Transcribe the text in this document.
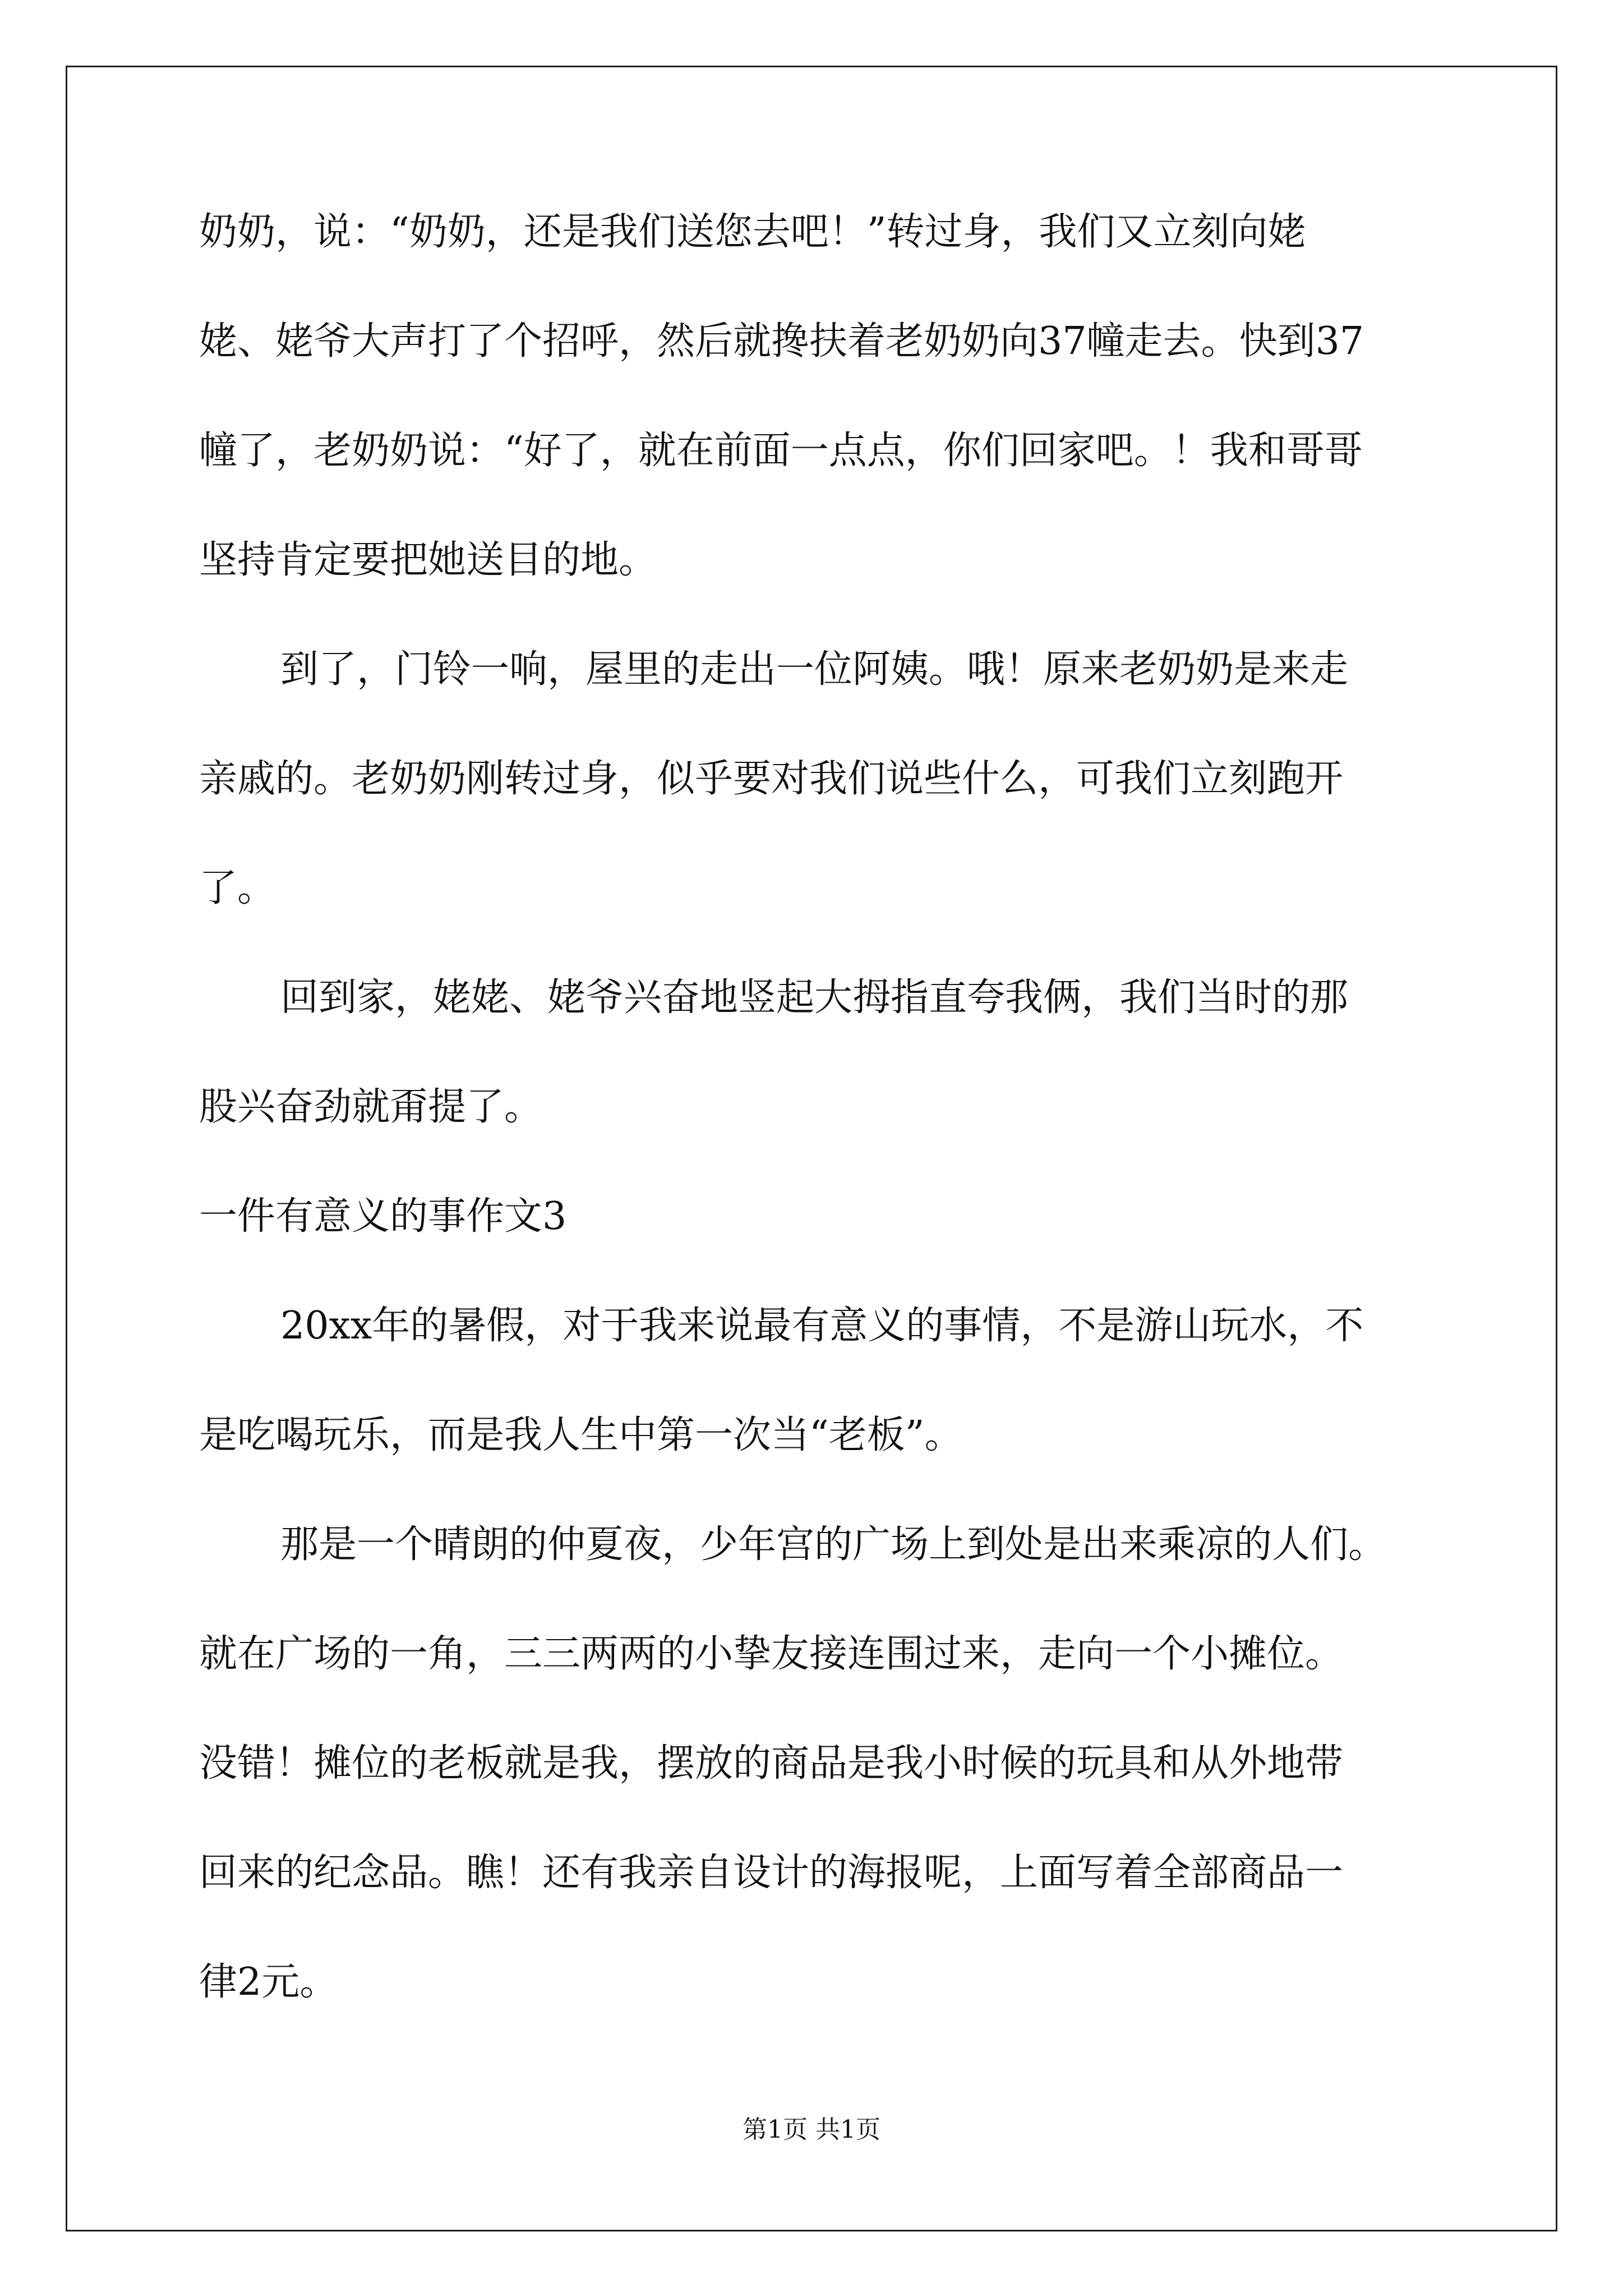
奶奶，说：“奶奶，还是我们送您去吧！”转过身，我们又立刻向姥
姥、姥爷大声打了个招呼，然后就搀扶着老奶奶向37幢走去。快到37
幢了，老奶奶说：“好了，就在前面一点点，你们回家吧。！我和哥哥
坚持肯定要把她送目的地。
到了，门铃一响，屋里的走出一位阿姨。哦！原来老奶奶是来走
亲戚的。老奶奶刚转过身，似乎要对我们说些什么，可我们立刻跑开
了。
回到家，姥姥、姥爷兴奋地竖起大拇指直夸我俩，我们当时的那
股兴奋劲就甭提了。
一件有意义的事作文3
20xx年的暑假，对于我来说最有意义的事情，不是游山玩水，不
是吃喝玩乐，而是我人生中第一次当“老板”。
那是一个晴朗的仲夏夜，少年宫的广场上到处是出来乘凉的人们。
就在广场的一角，三三两两的小挚友接连围过来，走向一个小摊位。
没错！摊位的老板就是我，摆放的商品是我小时候的玩具和从外地带
回来的纪念品。瞧！还有我亲自设计的海报呢，上面写着全部商品一
律2元。
第1页 共1页
